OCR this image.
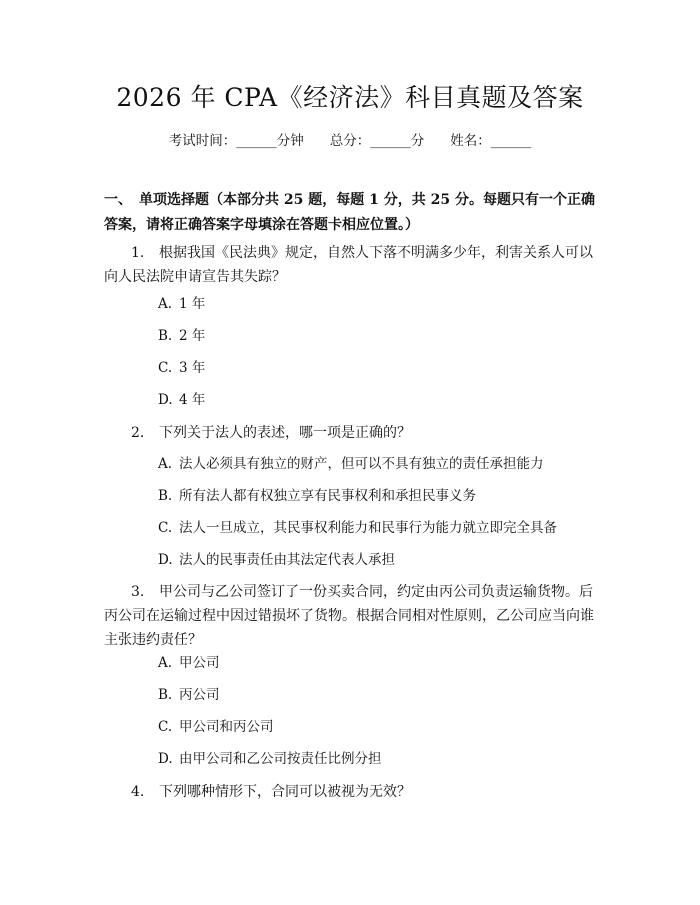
2026 年 CPA《经济法》科目真题及答案
考试时间：______分钟 总分：______分 姓名：______
一、 单项选择题（本部分共 25 题，每题 1 分，共 25 分。每题只有一个正确答案，请将正确答案字母填涂在答题卡相应位置。）
1. 根据我国《民法典》规定，自然人下落不明满多少年，利害关系人可以向人民法院申请宣告其失踪？
A. 1 年
B. 2 年
C. 3 年
D. 4 年
2. 下列关于法人的表述，哪一项是正确的？
A. 法人必须具有独立的财产，但可以不具有独立的责任承担能力
B. 所有法人都有权独立享有民事权利和承担民事义务
C. 法人一旦成立，其民事权利能力和民事行为能力就立即完全具备
D. 法人的民事责任由其法定代表人承担
3. 甲公司与乙公司签订了一份买卖合同，约定由丙公司负责运输货物。后丙公司在运输过程中因过错损坏了货物。根据合同相对性原则，乙公司应当向谁主张违约责任？
A. 甲公司
B. 丙公司
C. 甲公司和丙公司
D. 由甲公司和乙公司按责任比例分担
4. 下列哪种情形下，合同可以被视为无效？
